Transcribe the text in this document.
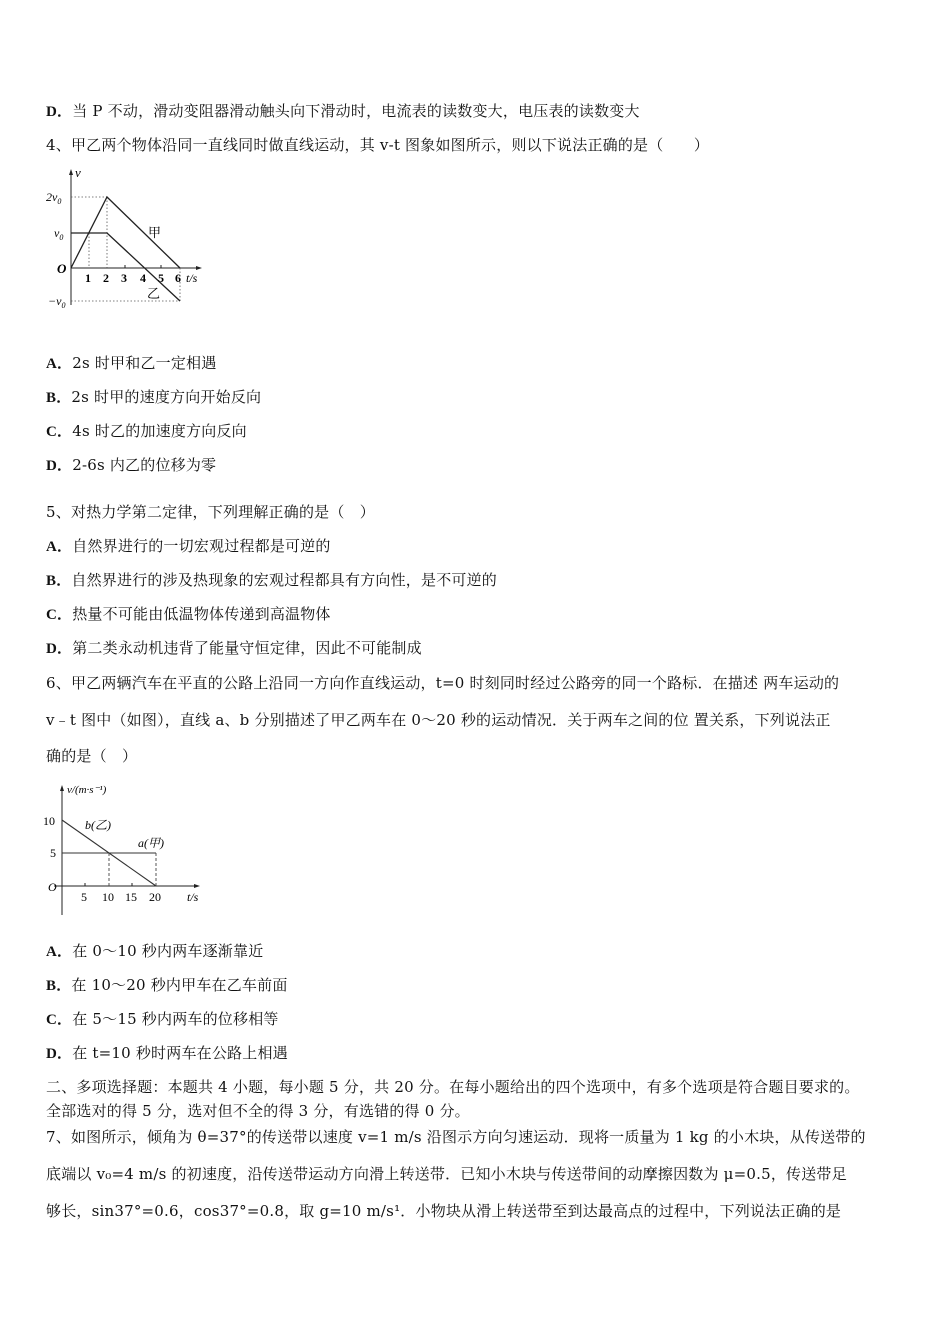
D．当 P 不动，滑动变阻器滑动触头向下滑动时，电流表的读数变大，电压表的读数变大
4、甲乙两个物体沿同一直线同时做直线运动，其 v-t 图象如图所示，则以下说法正确的是（　　）
v
$2v_0$
$v_0$
$-v_0$
O
1 2 3 4 5 6 t/s
甲
乙
A．2s 时甲和乙一定相遇
B．2s 时甲的速度方向开始反向
C．4s 时乙的加速度方向反向
D．2-6s 内乙的位移为零
5、对热力学第二定律，下列理解正确的是（　）
A．自然界进行的一切宏观过程都是可逆的
B．自然界进行的涉及热现象的宏观过程都具有方向性，是不可逆的
C．热量不可能由低温物体传递到高温物体
D．第二类永动机违背了能量守恒定律，因此不可能制成
6、甲乙两辆汽车在平直的公路上沿同一方向作直线运动，t=0 时刻同时经过公路旁的同一个路标．在描述 两车运动的
v﹣t 图中（如图），直线 a、b 分别描述了甲乙两车在 0～20 秒的运动情况．关于两车之间的位 置关系，下列说法正
确的是（　）
v/(m·s⁻¹)
10
5
O
5 10 15 20 t/s
b(乙)
a(甲)
A．在 0～10 秒内两车逐渐靠近
B．在 10～20 秒内甲车在乙车前面
C．在 5～15 秒内两车的位移相等
D．在 t=10 秒时两车在公路上相遇
二、多项选择题：本题共 4 小题，每小题 5 分，共 20 分。在每小题给出的四个选项中，有多个选项是符合题目要求的。
全部选对的得 5 分，选对但不全的得 3 分，有选错的得 0 分。
7、如图所示，倾角为 θ=37°的传送带以速度 v=1 m/s 沿图示方向匀速运动．现将一质量为 1 kg 的小木块，从传送带的
底端以 v₀=4 m/s 的初速度，沿传送带运动方向滑上转送带．已知小木块与传送带间的动摩擦因数为 μ=0.5，传送带足
够长，sin37°=0.6，cos37°=0.8，取 g=10 m/s¹．小物块从滑上转送带至到达最高点的过程中，下列说法正确的是
